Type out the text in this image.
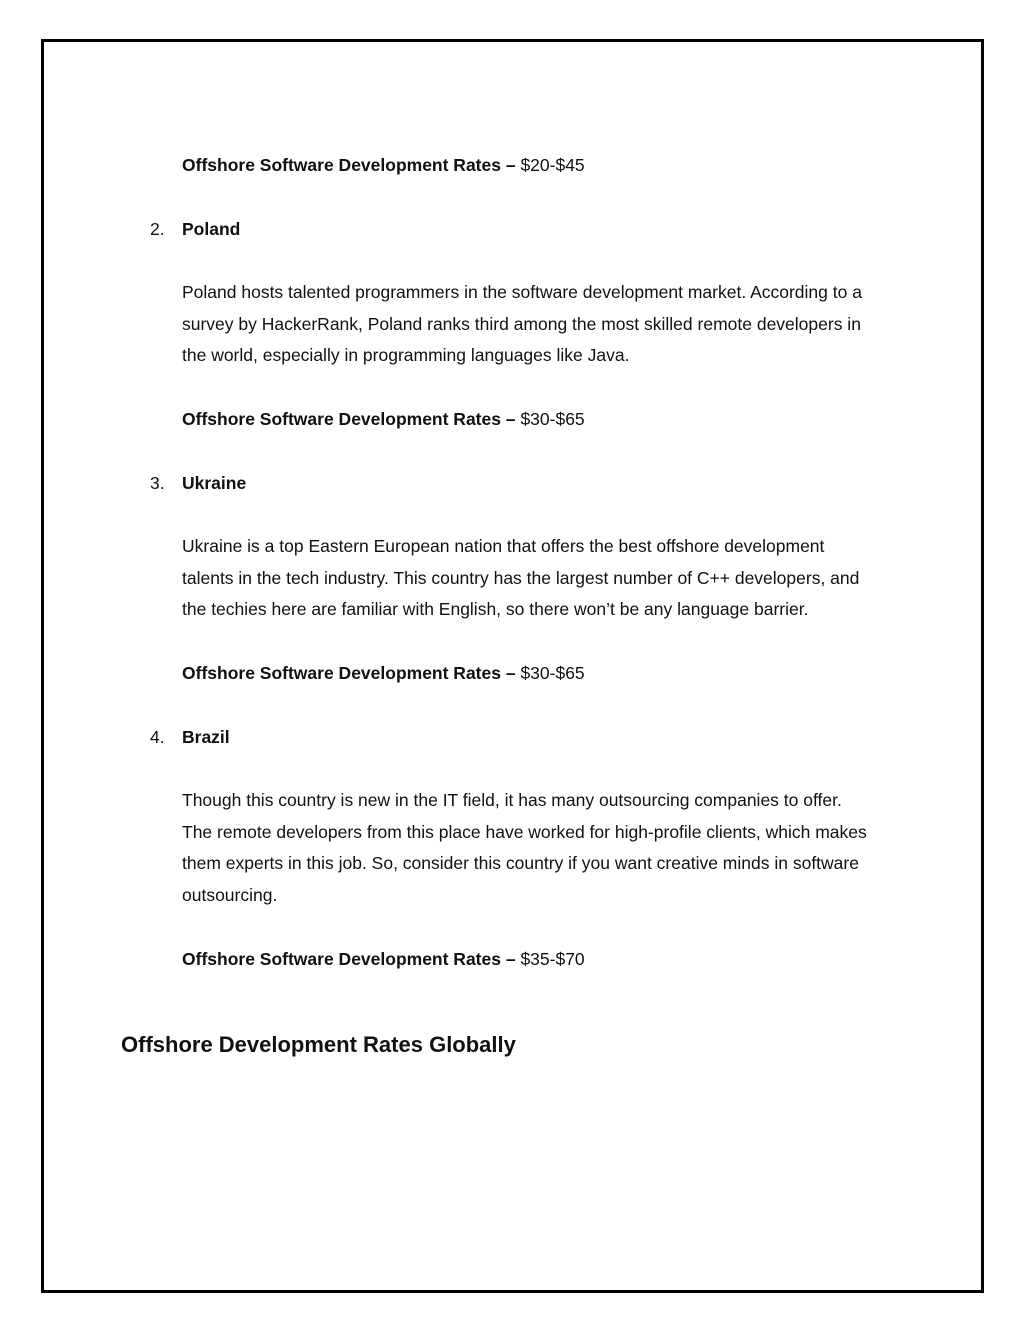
Offshore Software Development Rates – $20-$45
2. Poland
Poland hosts talented programmers in the software development market. According to a
survey by HackerRank, Poland ranks third among the most skilled remote developers in
the world, especially in programming languages like Java.
Offshore Software Development Rates – $30-$65
3. Ukraine
Ukraine is a top Eastern European nation that offers the best offshore development
talents in the tech industry. This country has the largest number of C++ developers, and
the techies here are familiar with English, so there won’t be any language barrier.
Offshore Software Development Rates – $30-$65
4. Brazil
Though this country is new in the IT field, it has many outsourcing companies to offer.
The remote developers from this place have worked for high-profile clients, which makes
them experts in this job. So, consider this country if you want creative minds in software
outsourcing.
Offshore Software Development Rates – $35-$70
Offshore Development Rates Globally
